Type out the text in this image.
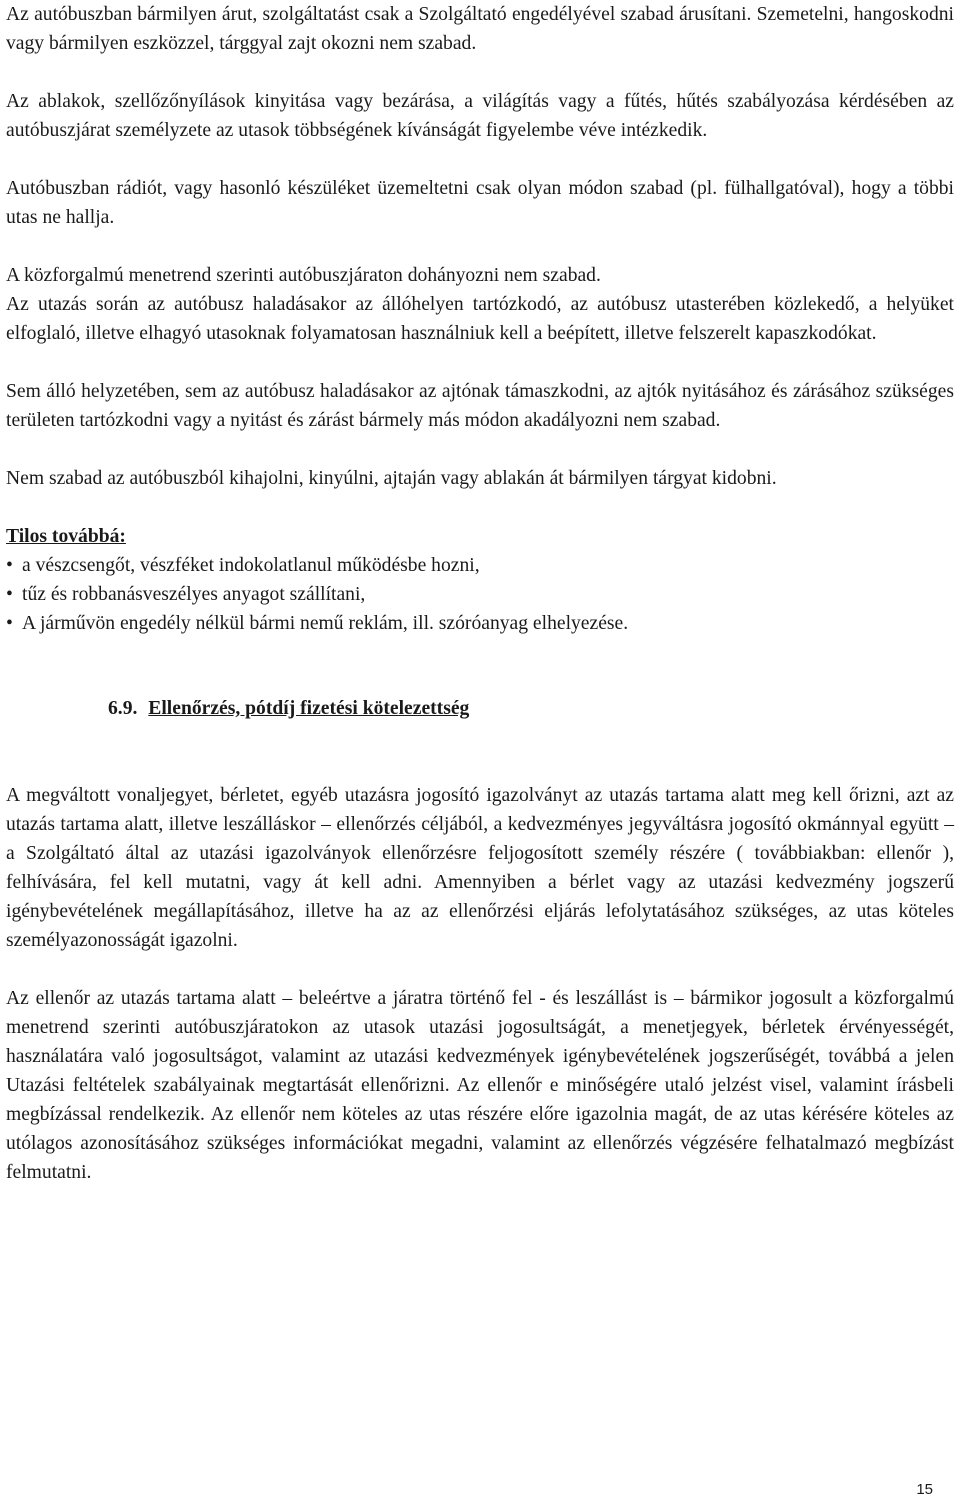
Az autóbuszban bármilyen árut, szolgáltatást csak a Szolgáltató engedélyével szabad árusítani. Szemetelni, hangoskodni vagy bármilyen eszközzel, tárggyal zajt okozni nem szabad.

Az ablakok, szellőzőnyílások kinyitása vagy bezárása, a világítás vagy a fűtés, hűtés szabályozása kérdésében az autóbuszjárat személyzete az utasok többségének kívánságát figyelembe véve intézkedik.

Autóbuszban rádiót, vagy hasonló készüléket üzemeltetni csak olyan módon szabad (pl. fülhallgatóval), hogy a többi utas ne hallja.

A közforgalmú menetrend szerinti autóbuszjáraton dohányozni nem szabad.

Az utazás során az autóbusz haladásakor az állóhelyen tartózkodó, az autóbusz utasterében közlekedő, a helyüket elfoglaló, illetve elhagyó utasoknak folyamatosan használniuk kell a beépített, illetve felszerelt kapaszkodókat.

Sem álló helyzetében, sem az autóbusz haladásakor az ajtónak támaszkodni, az ajtók nyitásához és zárásához szükséges területen tartózkodni vagy a nyitást és zárást bármely más módon akadályozni nem szabad.

Nem szabad az autóbuszból kihajolni, kinyúlni, ajtaján vagy ablakán át bármilyen tárgyat kidobni.

Tilos továbbá:

• a vészcsengőt, vészféket indokolatlanul működésbe hozni,
• tűz és robbanásveszélyes anyagot szállítani,
• A járművön engedély nélkül bármi nemű reklám, ill. szóróanyag elhelyezése.

6.9. Ellenőrzés, pótdíj fizetési kötelezettség

A megváltott vonaljegyet, bérletet, egyéb utazásra jogosító igazolványt az utazás tartama alatt meg kell őrizni, azt az utazás tartama alatt, illetve leszálláskor – ellenőrzés céljából, a kedvezményes jegyváltásra jogosító okmánnyal együtt – a Szolgáltató által az utazási igazolványok ellenőrzésre feljogosított személy részére ( továbbiakban: ellenőr ), felhívására, fel kell mutatni, vagy át kell adni. Amennyiben a bérlet vagy az utazási kedvezmény jogszerű igénybevételének megállapításához, illetve ha az az ellenőrzési eljárás lefolytatásához szükséges, az utas köteles személyazonosságát igazolni.

Az ellenőr az utazás tartama alatt – beleértve a járatra történő fel - és leszállást is – bármikor jogosult a közforgalmú menetrend szerinti autóbuszjáratokon az utasok utazási jogosultságát, a menetjegyek, bérletek érvényességét, használatára való jogosultságot, valamint az utazási kedvezmények igénybevételének jogszerűségét, továbbá a jelen Utazási feltételek szabályainak megtartását ellenőrizni. Az ellenőr e minőségére utaló jelzést visel, valamint írásbeli megbízással rendelkezik. Az ellenőr nem köteles az utas részére előre igazolnia magát, de az utas kérésére köteles az utólagos azonosításához szükséges információkat megadni, valamint az ellenőrzés végzésére felhatalmazó megbízást felmutatni.

15
